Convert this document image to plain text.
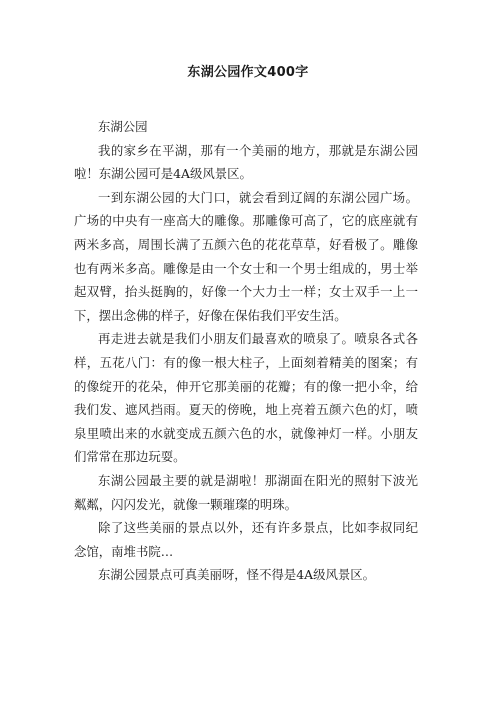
东湖公园作文400字

东湖公园

我的家乡在平湖，那有一个美丽的地方，那就是东湖公园啦！东湖公园可是4A级风景区。

一到东湖公园的大门口，就会看到辽阔的东湖公园广场。广场的中央有一座高大的雕像。那雕像可高了，它的底座就有两米多高，周围长满了五颜六色的花花草草，好看极了。雕像也有两米多高。雕像是由一个女士和一个男士组成的，男士举起双臂，抬头挺胸的，好像一个大力士一样；女士双手一上一下，摆出念佛的样子，好像在保佑我们平安生活。

再走进去就是我们小朋友们最喜欢的喷泉了。喷泉各式各样，五花八门：有的像一根大柱子，上面刻着精美的图案；有的像绽开的花朵，伸开它那美丽的花瓣；有的像一把小伞，给我们发、遮风挡雨。夏天的傍晚，地上亮着五颜六色的灯，喷泉里喷出来的水就变成五颜六色的水，就像神灯一样。小朋友们常常在那边玩耍。

东湖公园最主要的就是湖啦！那湖面在阳光的照射下波光粼粼，闪闪发光，就像一颗璀璨的明珠。

除了这些美丽的景点以外，还有许多景点，比如李叔同纪念馆，南堆书院…

东湖公园景点可真美丽呀，怪不得是4A级风景区。
